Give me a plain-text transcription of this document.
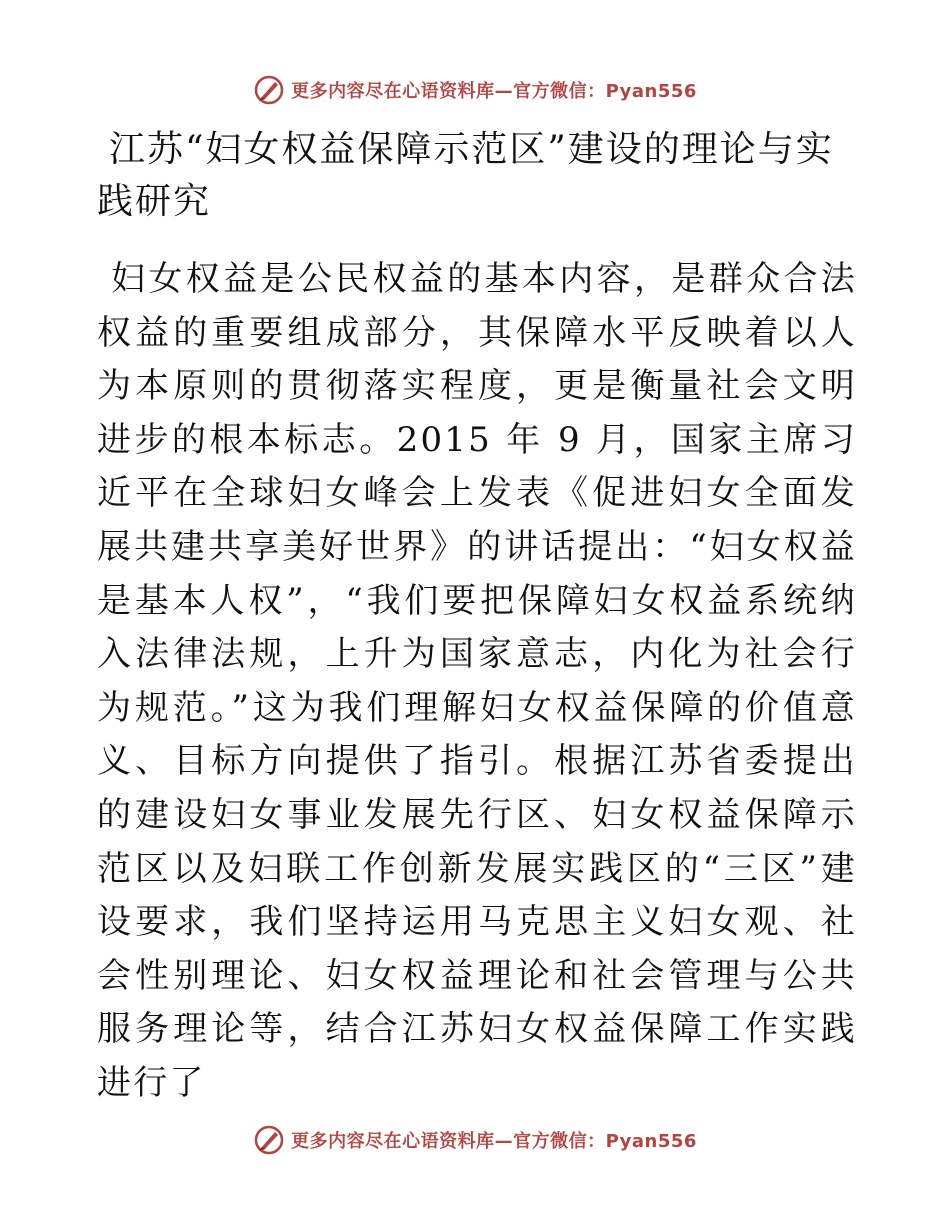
更多内容尽在心语资料库—官方微信：Pyan556
江苏“妇女权益保障示范区”建设的理论与实践研究

妇女权益是公民权益的基本内容，是群众合法权益的重要组成部分，其保障水平反映着以人为本原则的贯彻落实程度，更是衡量社会文明进步的根本标志。2015 年 9 月，国家主席习近平在全球妇女峰会上发表《促进妇女全面发展共建共享美好世界》的讲话提出：“妇女权益是基本人权”，“我们要把保障妇女权益系统纳入法律法规，上升为国家意志，内化为社会行为规范。”这为我们理解妇女权益保障的价值意义、目标方向提供了指引。根据江苏省委提出的建设妇女事业发展先行区、妇女权益保障示范区以及妇联工作创新发展实践区的“三区”建设要求，我们坚持运用马克思主义妇女观、社会性别理论、妇女权益理论和社会管理与公共服务理论等，结合江苏妇女权益保障工作实践进行了

更多内容尽在心语资料库—官方微信：Pyan556
